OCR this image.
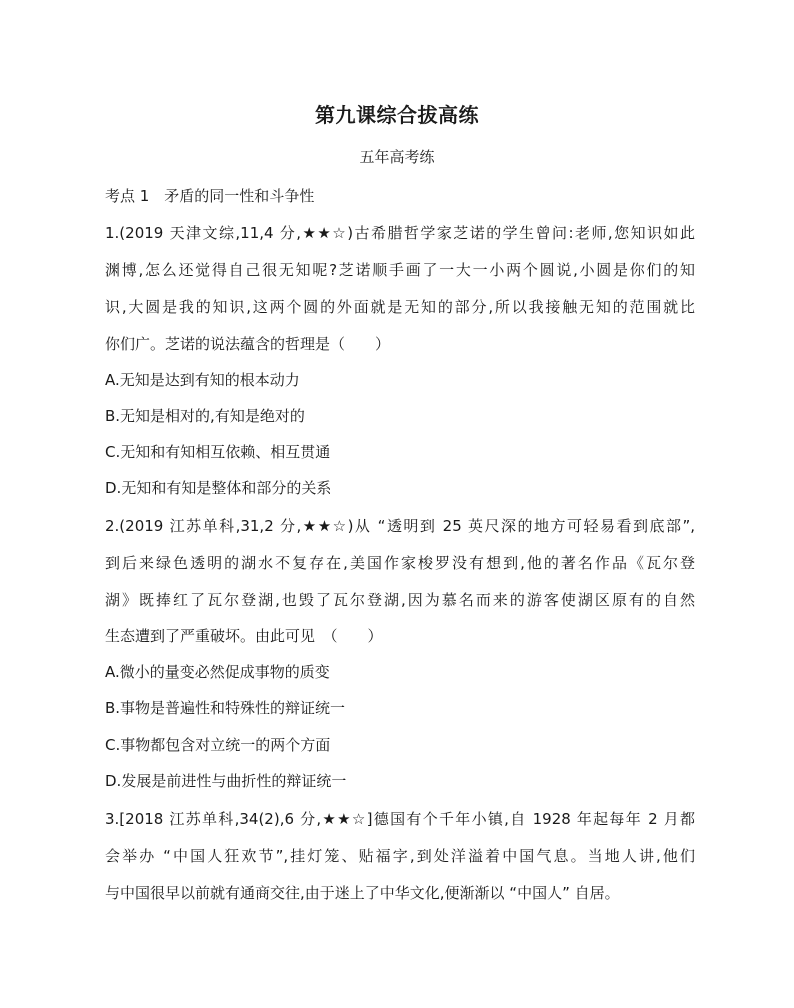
第九课综合拔高练
五年高考练
考点 1　矛盾的同一性和斗争性
1.(2019 天津文综,11,4 分,★★☆)古希腊哲学家芝诺的学生曾问:老师,您知识如此
渊博,怎么还觉得自己很无知呢?芝诺顺手画了一大一小两个圆说,小圆是你们的知
识,大圆是我的知识,这两个圆的外面就是无知的部分,所以我接触无知的范围就比
你们广。芝诺的说法蕴含的哲理是（　　）
A.无知是达到有知的根本动力
B.无知是相对的,有知是绝对的
C.无知和有知相互依赖、相互贯通
D.无知和有知是整体和部分的关系
2.(2019 江苏单科,31,2 分,★★☆)从 “透明到 25 英尺深的地方可轻易看到底部”,
到后来绿色透明的湖水不复存在,美国作家梭罗没有想到,他的著名作品《瓦尔登
湖》既捧红了瓦尔登湖,也毁了瓦尔登湖,因为慕名而来的游客使湖区原有的自然
生态遭到了严重破坏。由此可见　（　　）
A.微小的量变必然促成事物的质变
B.事物是普遍性和特殊性的辩证统一
C.事物都包含对立统一的两个方面
D.发展是前进性与曲折性的辩证统一
3.[2018 江苏单科,34(2),6 分,★★☆]德国有个千年小镇,自 1928 年起每年 2 月都
会举办 “中国人狂欢节”,挂灯笼、贴福字,到处洋溢着中国气息。当地人讲,他们
与中国很早以前就有通商交往,由于迷上了中华文化,便渐渐以 “中国人” 自居。
